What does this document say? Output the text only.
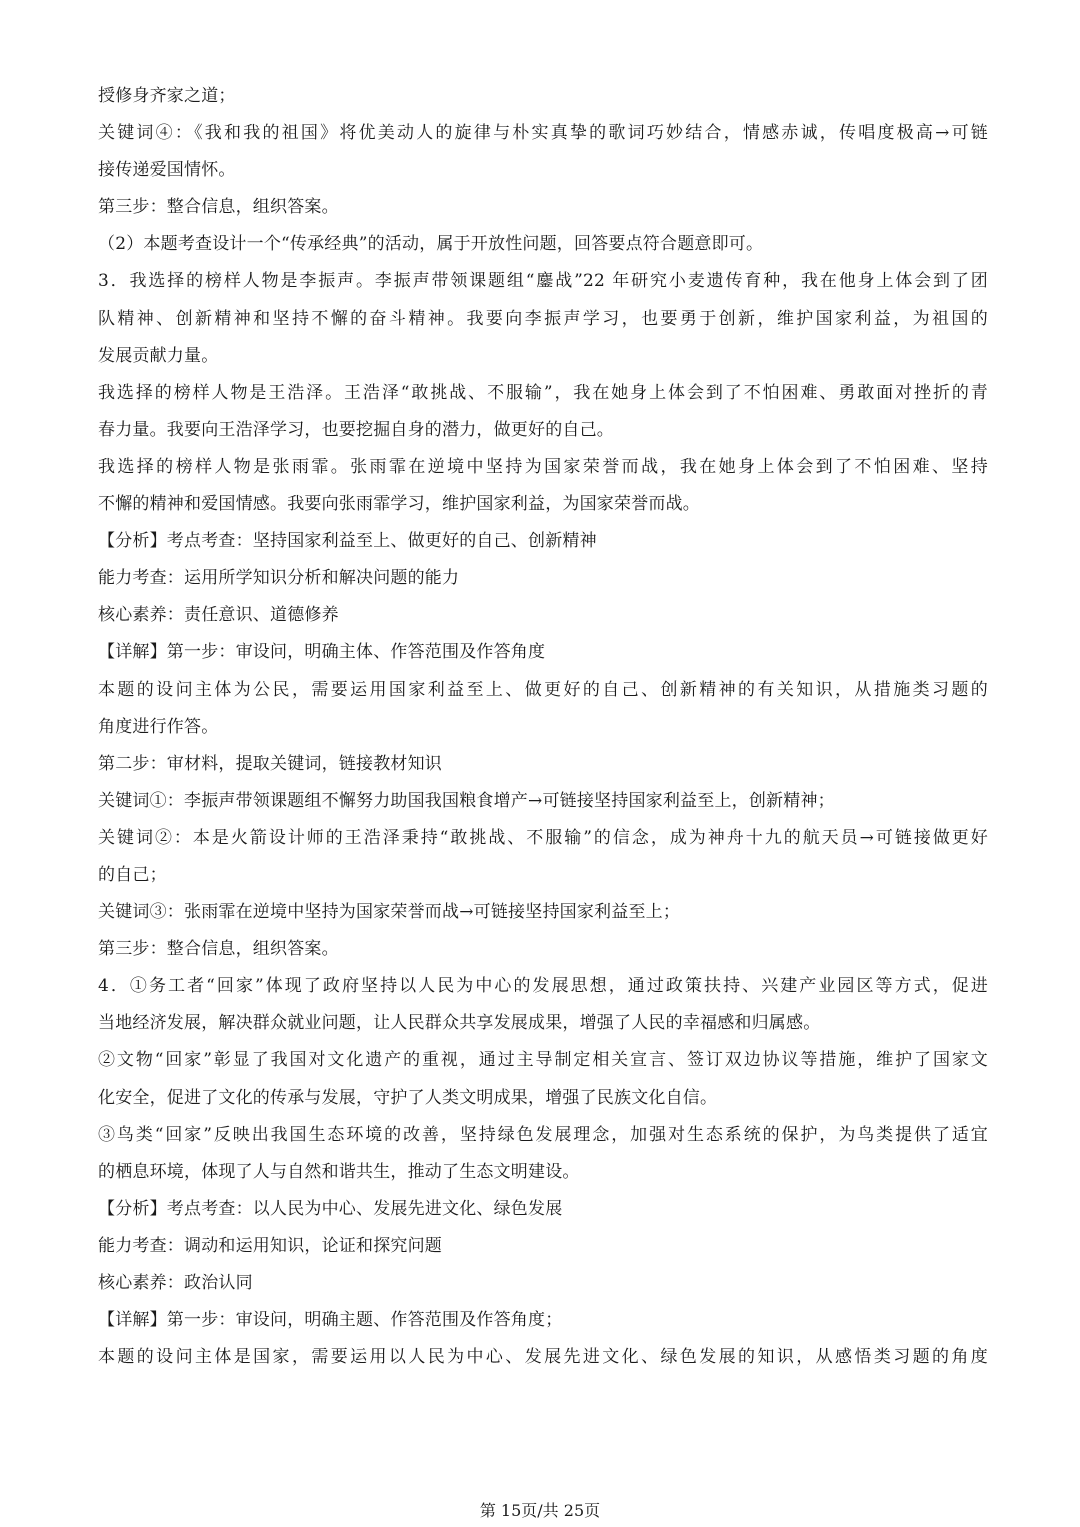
授修身齐家之道；
关键词④：《我和我的祖国》将优美动人的旋律与朴实真挚的歌词巧妙结合，情感赤诚，传唱度极高→可链
接传递爱国情怀。
第三步：整合信息，组织答案。
（2）本题考查设计一个“传承经典”的活动，属于开放性问题，回答要点符合题意即可。
3．我选择的榜样人物是李振声。李振声带领课题组“鏖战”22 年研究小麦遗传育种，我在他身上体会到了团
队精神、创新精神和坚持不懈的奋斗精神。我要向李振声学习，也要勇于创新，维护国家利益，为祖国的
发展贡献力量。
我选择的榜样人物是王浩泽。王浩泽“敢挑战、不服输”，我在她身上体会到了不怕困难、勇敢面对挫折的青
春力量。我要向王浩泽学习，也要挖掘自身的潜力，做更好的自己。
我选择的榜样人物是张雨霏。张雨霏在逆境中坚持为国家荣誉而战，我在她身上体会到了不怕困难、坚持
不懈的精神和爱国情感。我要向张雨霏学习，维护国家利益，为国家荣誉而战。
【分析】考点考查：坚持国家利益至上、做更好的自己、创新精神
能力考查：运用所学知识分析和解决问题的能力
核心素养：责任意识、道德修养
【详解】第一步：审设问，明确主体、作答范围及作答角度
本题的设问主体为公民，需要运用国家利益至上、做更好的自己、创新精神的有关知识，从措施类习题的
角度进行作答。
第二步：审材料，提取关键词，链接教材知识
关键词①：李振声带领课题组不懈努力助国我国粮食增产→可链接坚持国家利益至上，创新精神；
关键词②：本是火箭设计师的王浩泽秉持“敢挑战、不服输”的信念，成为神舟十九的航天员→可链接做更好
的自己；
关键词③：张雨霏在逆境中坚持为国家荣誉而战→可链接坚持国家利益至上；
第三步：整合信息，组织答案。
4．①务工者“回家”体现了政府坚持以人民为中心的发展思想，通过政策扶持、兴建产业园区等方式，促进
当地经济发展，解决群众就业问题，让人民群众共享发展成果，增强了人民的幸福感和归属感。
②文物“回家”彰显了我国对文化遗产的重视，通过主导制定相关宣言、签订双边协议等措施，维护了国家文
化安全，促进了文化的传承与发展，守护了人类文明成果，增强了民族文化自信。
③鸟类“回家”反映出我国生态环境的改善，坚持绿色发展理念，加强对生态系统的保护，为鸟类提供了适宜
的栖息环境，体现了人与自然和谐共生，推动了生态文明建设。
【分析】考点考查：以人民为中心、发展先进文化、绿色发展
能力考查：调动和运用知识，论证和探究问题
核心素养：政治认同
【详解】第一步：审设问，明确主题、作答范围及作答角度；
本题的设问主体是国家，需要运用以人民为中心、发展先进文化、绿色发展的知识，从感悟类习题的角度
第 15页/共 25页
